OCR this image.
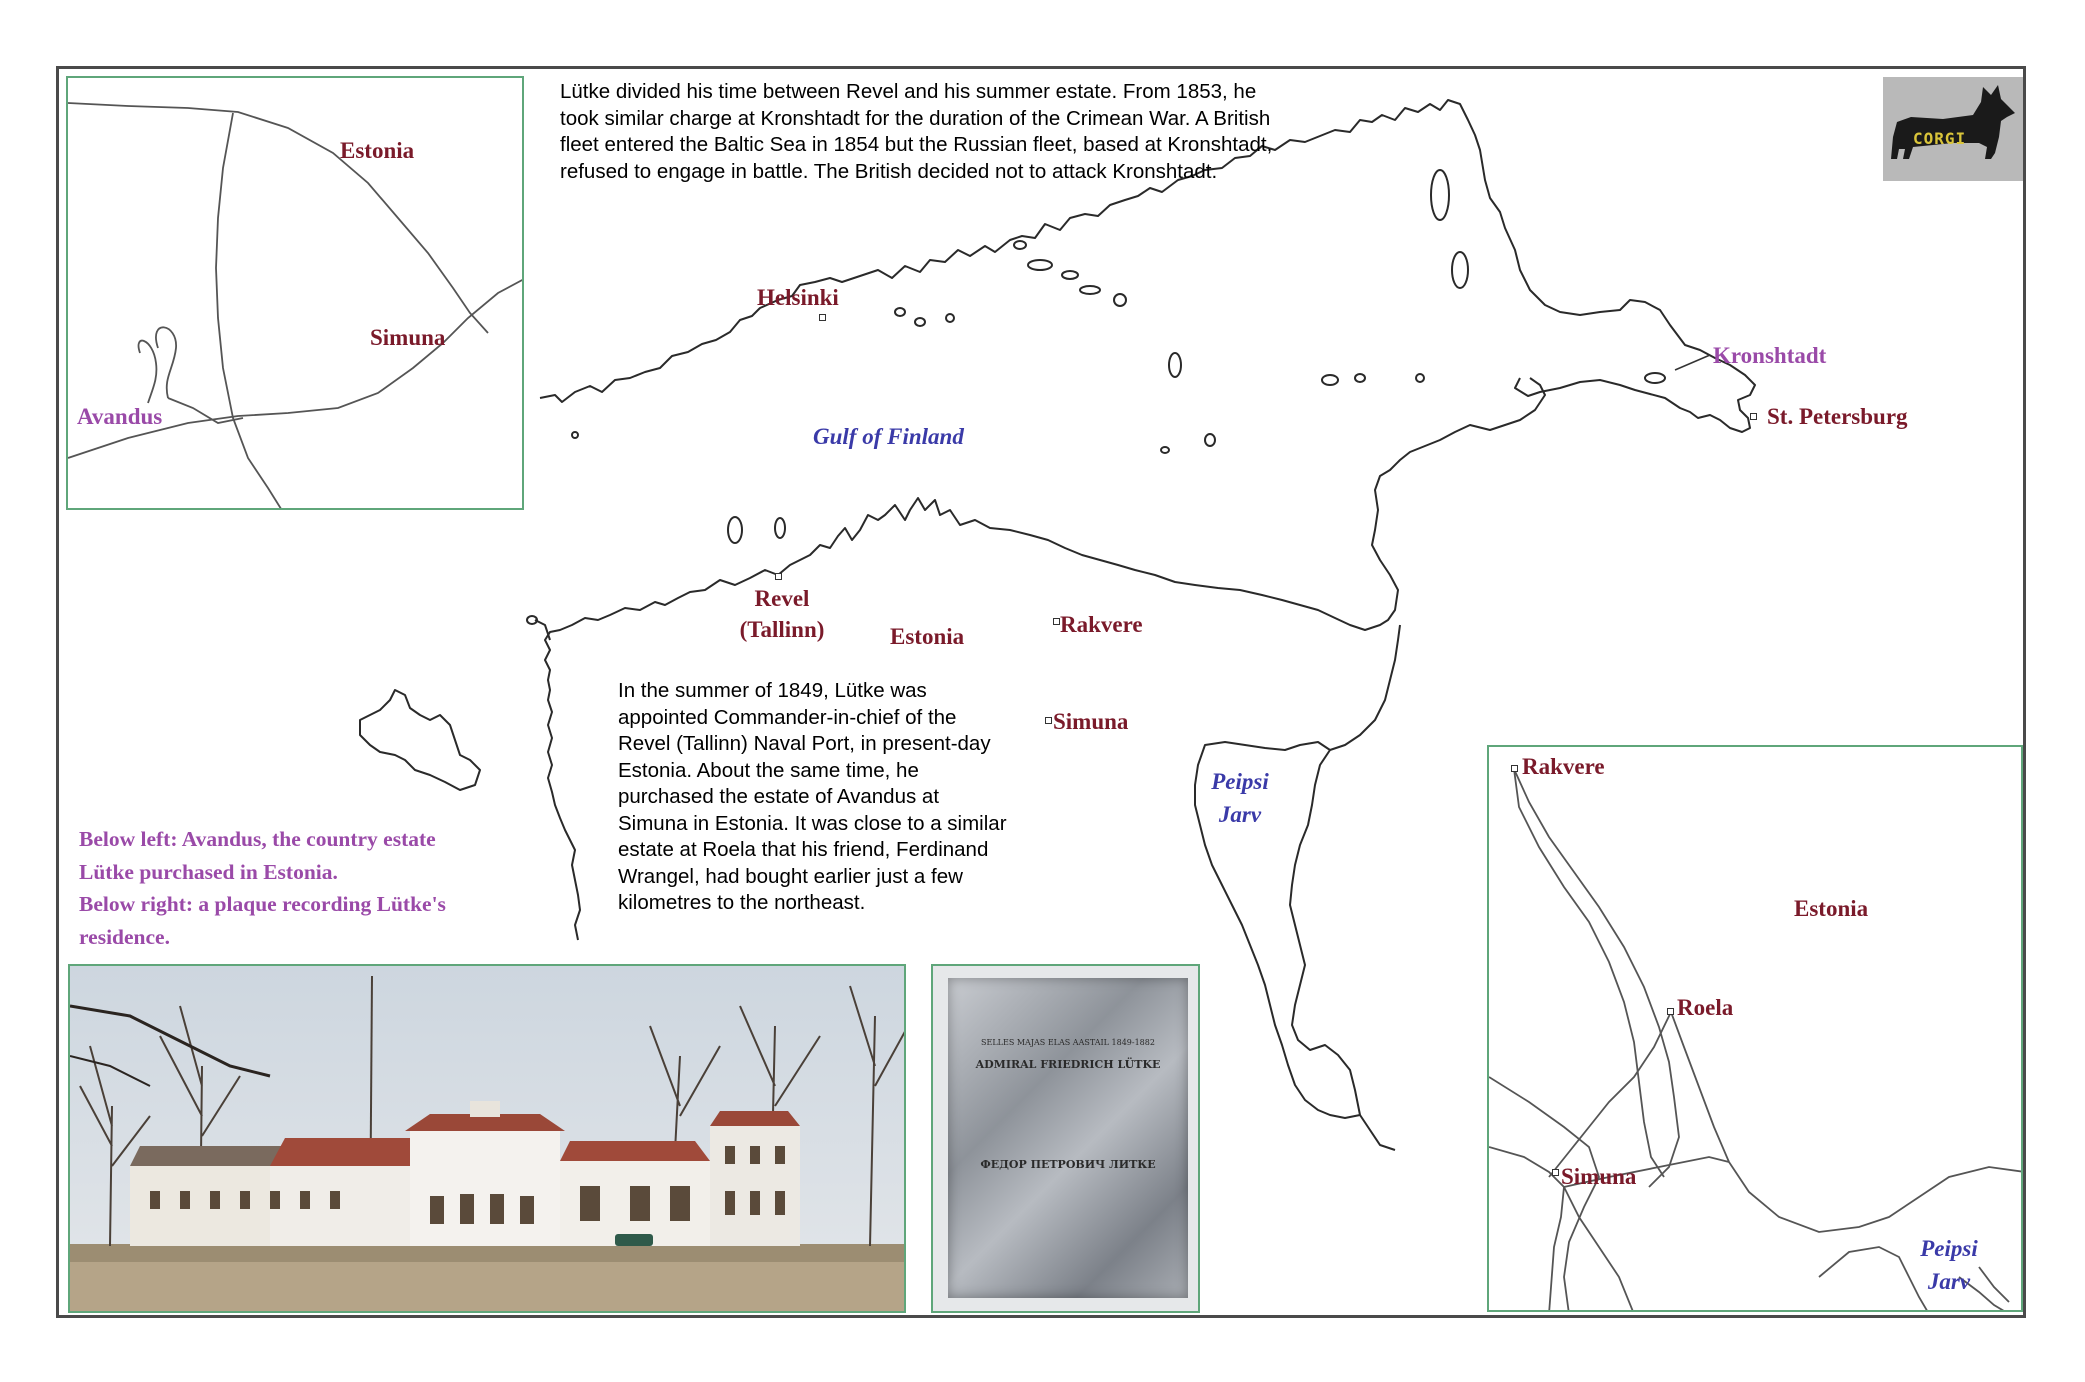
Helsinki
Kronshtadt
St. Petersburg
Gulf of Finland
Revel
(Tallinn)	Estonia	Rakvere
Simuna
Peipsi
Jarv
Lütke divided his time between Revel and his summer estate. From 1853, he took similar charge at Kronshtadt for the duration of the Crimean War. A British fleet entered the Baltic Sea in 1854 but the Russian fleet, based at Kronshtadt, refused to engage in battle. The British decided not to attack Kronshtadt.
In the summer of 1849, Lütke was appointed Commander-in-chief of the Revel (Tallinn) Naval Port, in present-day Estonia. About the same time, he purchased the estate of Avandus at Simuna in Estonia. It was close to a similar estate at Roela that his friend, Ferdinand Wrangel, had bought earlier just a few kilometres to the northeast.
Below left: Avandus, the country estate
Lütke purchased in Estonia.
Below right: a plaque recording Lütke's
residence.
Estonia
Simuna
Avandus
Rakvere
Estonia
Roela
Simuna
Peipsi
Jarv
SELLES MAJAS ELAS AASTAIL 1849-1882
ADMIRAL FRIEDRICH LÜTKE
ФЕДОР ПЕТРОВИЧ ЛИТКЕ
CORGI
